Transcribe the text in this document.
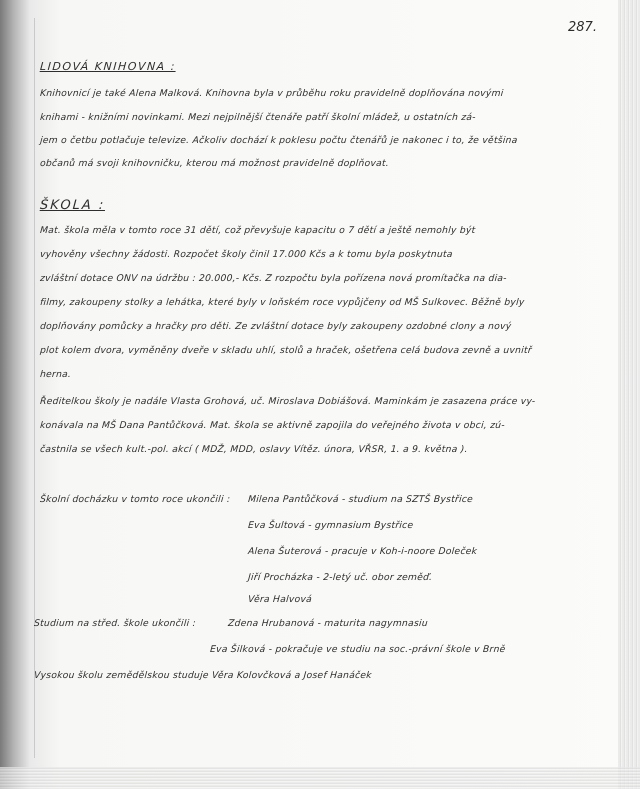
287.
LIDOVÁ KNIHOVNA :
Knihovnicí je také Alena Malková. Knihovna byla v průběhu roku pravidelně doplňována novými
knihami - knižními novinkami. Mezi nejpilnější čtenáře patří školní mládež, u ostatních zá-
jem o četbu potlačuje televize. Ačkoliv dochází k poklesu počtu čtenářů je nakonec i to, že většina
občanů má svoji knihovničku, kterou má možnost pravidelně doplňovat.
ŠKOLA :
Mat. škola měla v tomto roce 31 dětí, což převyšuje kapacitu o 7 dětí a ještě nemohly být
vyhověny všechny žádosti. Rozpočet školy činil 17.000 Kčs a k tomu byla poskytnuta
zvláštní dotace ONV na údržbu : 20.000,- Kčs. Z rozpočtu byla pořízena nová promítačka na dia-
filmy, zakoupeny stolky a lehátka, které byly v loňském roce vypůjčeny od MŠ Sulkovec. Běžně byly
doplňovány pomůcky a hračky pro děti. Ze zvláštní dotace byly zakoupeny ozdobné clony a nový
plot kolem dvora, vyměněny dveře v skladu uhlí, stolů a hraček, ošetřena celá budova zevně a uvnitř
herna.
Ředitelkou školy je nadále Vlasta Grohová, uč. Miroslava Dobiášová. Maminkám je zasazena práce vy-
konávala na MŠ Dana Pantůčková. Mat. škola se aktivně zapojila do veřejného života v obci, zú-
častnila se všech kult.-pol. akcí ( MDŽ, MDD, oslavy Vítěz. února, VŘSR, 1. a 9. května ).
Školní docházku v tomto roce ukončili : Milena Pantůčková - studium na SZTŠ Bystřice
Eva Šultová - gymnasium Bystřice
Alena Šuterová - pracuje v Koh-i-noore Doleček
Jiří Procházka - 2-letý uč. obor zeměď.
Věra Halvová
Studium na střed. škole ukončili :	Zdena Hrubanová - maturita nagymnasiu
Eva Šilková - pokračuje ve studiu na soc.-právní škole v Brně
Vysokou školu zemědělskou studuje Věra Kolovčková a Josef Hanáček
